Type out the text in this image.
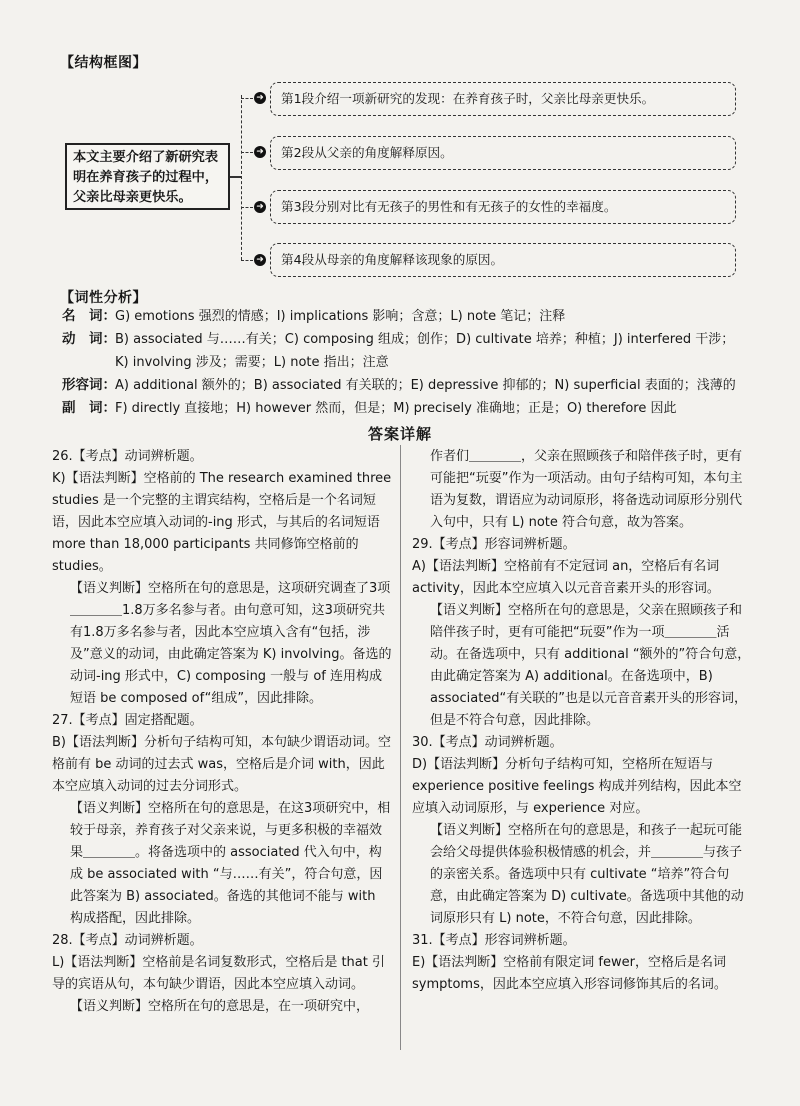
【结构框图】
本文主要介绍了新研究表明在养育孩子的过程中，父亲比母亲更快乐。
➜
➜
➜
➜
第1段介绍一项新研究的发现：在养育孩子时，父亲比母亲更快乐。
第2段从父亲的角度解释原因。
第3段分别对比有无孩子的男性和有无孩子的女性的幸福度。
第4段从母亲的角度解释该现象的原因。
【词性分析】
名　词： G) emotions 强烈的情感；I) implications 影响；含意；L) note 笔记；注释
动　词： B) associated 与……有关；C) composing 组成；创作；D) cultivate 培养；种植；J) interfered 干涉；
K) involving 涉及；需要；L) note 指出；注意
形容词： A) additional 额外的；B) associated 有关联的；E) depressive 抑郁的；N) superficial 表面的；浅薄的
副　词： F) directly 直接地；H) however 然而，但是；M) precisely 准确地；正是；O) therefore 因此
答案详解

26.【考点】动词辨析题。

K)【语法判断】空格前的 The research examined three studies 是一个完整的主谓宾结构，空格后是一个名词短语，因此本空应填入动词的-ing 形式，与其后的名词短语 more than 18,000 participants 共同修饰空格前的 studies。

【语义判断】空格所在句的意思是，这项研究调查了3项＿＿＿＿1.8万多名参与者。由句意可知，这3项研究共有1.8万多名参与者，因此本空应填入含有“包括，涉及”意义的动词，由此确定答案为 K) involving。备选的动词-ing 形式中，C) composing 一般与 of 连用构成短语 be composed of“组成”，因此排除。

27.【考点】固定搭配题。

B)【语法判断】分析句子结构可知，本句缺少谓语动词。空格前有 be 动词的过去式 was，空格后是介词 with，因此本空应填入动词的过去分词形式。

【语义判断】空格所在句的意思是，在这3项研究中，相较于母亲，养育孩子对父亲来说，与更多积极的幸福效果＿＿＿＿。将备选项中的 associated 代入句中，构成 be associated with “与……有关”，符合句意，因此答案为 B) associated。备选的其他词不能与 with 构成搭配，因此排除。

28.【考点】动词辨析题。

L)【语法判断】空格前是名词复数形式，空格后是 that 引导的宾语从句，本句缺少谓语，因此本空应填入动词。

【语义判断】空格所在句的意思是，在一项研究中，

作者们＿＿＿＿，父亲在照顾孩子和陪伴孩子时，更有可能把“玩耍”作为一项活动。由句子结构可知，本句主语为复数，谓语应为动词原形，将备选动词原形分别代入句中，只有 L) note 符合句意，故为答案。

29.【考点】形容词辨析题。

A)【语法判断】空格前有不定冠词 an，空格后有名词 activity，因此本空应填入以元音音素开头的形容词。

【语义判断】空格所在句的意思是，父亲在照顾孩子和陪伴孩子时，更有可能把“玩耍”作为一项＿＿＿＿活动。在备选项中，只有 additional “额外的”符合句意，由此确定答案为 A) additional。在备选项中，B) associated“有关联的”也是以元音音素开头的形容词，但是不符合句意，因此排除。

30.【考点】动词辨析题。

D)【语法判断】分析句子结构可知，空格所在短语与 experience positive feelings 构成并列结构，因此本空应填入动词原形，与 experience 对应。

【语义判断】空格所在句的意思是，和孩子一起玩可能会给父母提供体验积极情感的机会，并＿＿＿＿与孩子的亲密关系。备选项中只有 cultivate “培养”符合句意，由此确定答案为 D) cultivate。备选项中其他的动词原形只有 L) note，不符合句意，因此排除。

31.【考点】形容词辨析题。

E)【语法判断】空格前有限定词 fewer，空格后是名词 symptoms，因此本空应填入形容词修饰其后的名词。
